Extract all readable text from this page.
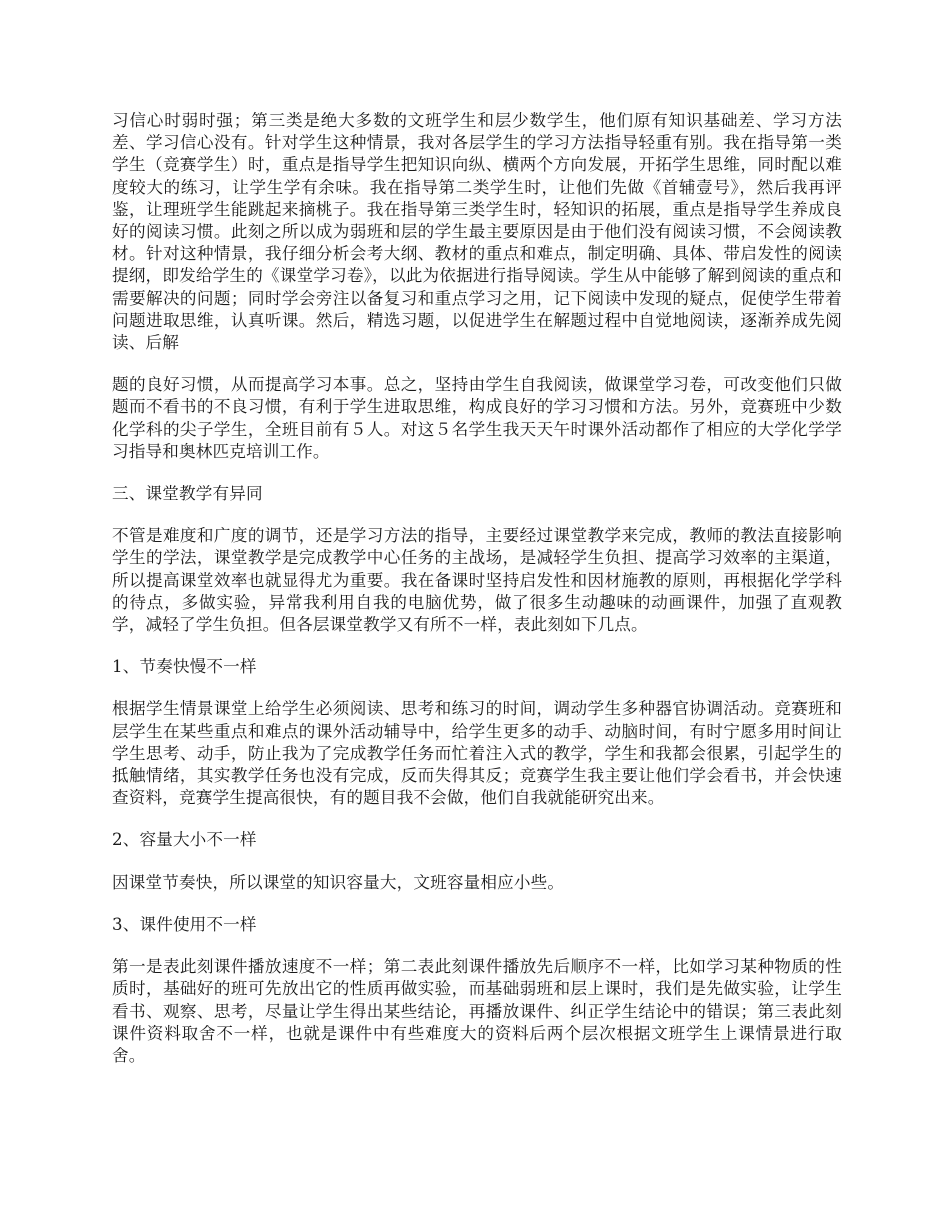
习信心时弱时强；第三类是绝大多数的文班学生和层少数学生，他们原有知识基础差、学习方法差、学习信心没有。针对学生这种情景，我对各层学生的学习方法指导轻重有别。我在指导第一类学生（竞赛学生）时，重点是指导学生把知识向纵、横两个方向发展，开拓学生思维，同时配以难度较大的练习，让学生学有余味。我在指导第二类学生时，让他们先做《首辅壹号》，然后我再评鉴，让理班学生能跳起来摘桃子。我在指导第三类学生时，轻知识的拓展，重点是指导学生养成良好的阅读习惯。此刻之所以成为弱班和层的学生最主要原因是由于他们没有阅读习惯，不会阅读教材。针对这种情景，我仔细分析会考大纲、教材的重点和难点，制定明确、具体、带启发性的阅读提纲，即发给学生的《课堂学习卷》，以此为依据进行指导阅读。学生从中能够了解到阅读的重点和需要解决的问题；同时学会旁注以备复习和重点学习之用，记下阅读中发现的疑点，促使学生带着问题进取思维，认真听课。然后，精选习题，以促进学生在解题过程中自觉地阅读，逐渐养成先阅读、后解

题的良好习惯，从而提高学习本事。总之，坚持由学生自我阅读，做课堂学习卷，可改变他们只做题而不看书的不良习惯，有利于学生进取思维，构成良好的学习习惯和方法。另外，竞赛班中少数化学科的尖子学生，全班目前有５人。对这５名学生我天天午时课外活动都作了相应的大学化学学习指导和奥林匹克培训工作。

三、课堂教学有异同

不管是难度和广度的调节，还是学习方法的指导，主要经过课堂教学来完成，教师的教法直接影响学生的学法，课堂教学是完成教学中心任务的主战场，是减轻学生负担、提高学习效率的主渠道，所以提高课堂效率也就显得尤为重要。我在备课时坚持启发性和因材施教的原则，再根据化学学科的待点，多做实验，异常我利用自我的电脑优势，做了很多生动趣味的动画课件，加强了直观教学，减轻了学生负担。但各层课堂教学又有所不一样，表此刻如下几点。

1、节奏快慢不一样

根据学生情景课堂上给学生必须阅读、思考和练习的时间，调动学生多种器官协调活动。竞赛班和层学生在某些重点和难点的课外活动辅导中，给学生更多的动手、动脑时间，有时宁愿多用时间让学生思考、动手，防止我为了完成教学任务而忙着注入式的教学，学生和我都会很累，引起学生的抵触情绪，其实教学任务也没有完成，反而失得其反；竞赛学生我主要让他们学会看书，并会快速查资料，竞赛学生提高很快，有的题目我不会做，他们自我就能研究出来。

2、容量大小不一样

因课堂节奏快，所以课堂的知识容量大，文班容量相应小些。

3、课件使用不一样

第一是表此刻课件播放速度不一样；第二表此刻课件播放先后顺序不一样，比如学习某种物质的性质时，基础好的班可先放出它的性质再做实验，而基础弱班和层上课时，我们是先做实验，让学生看书、观察、思考，尽量让学生得出某些结论，再播放课件、纠正学生结论中的错误；第三表此刻课件资料取舍不一样，也就是课件中有些难度大的资料后两个层次根据文班学生上课情景进行取舍。
